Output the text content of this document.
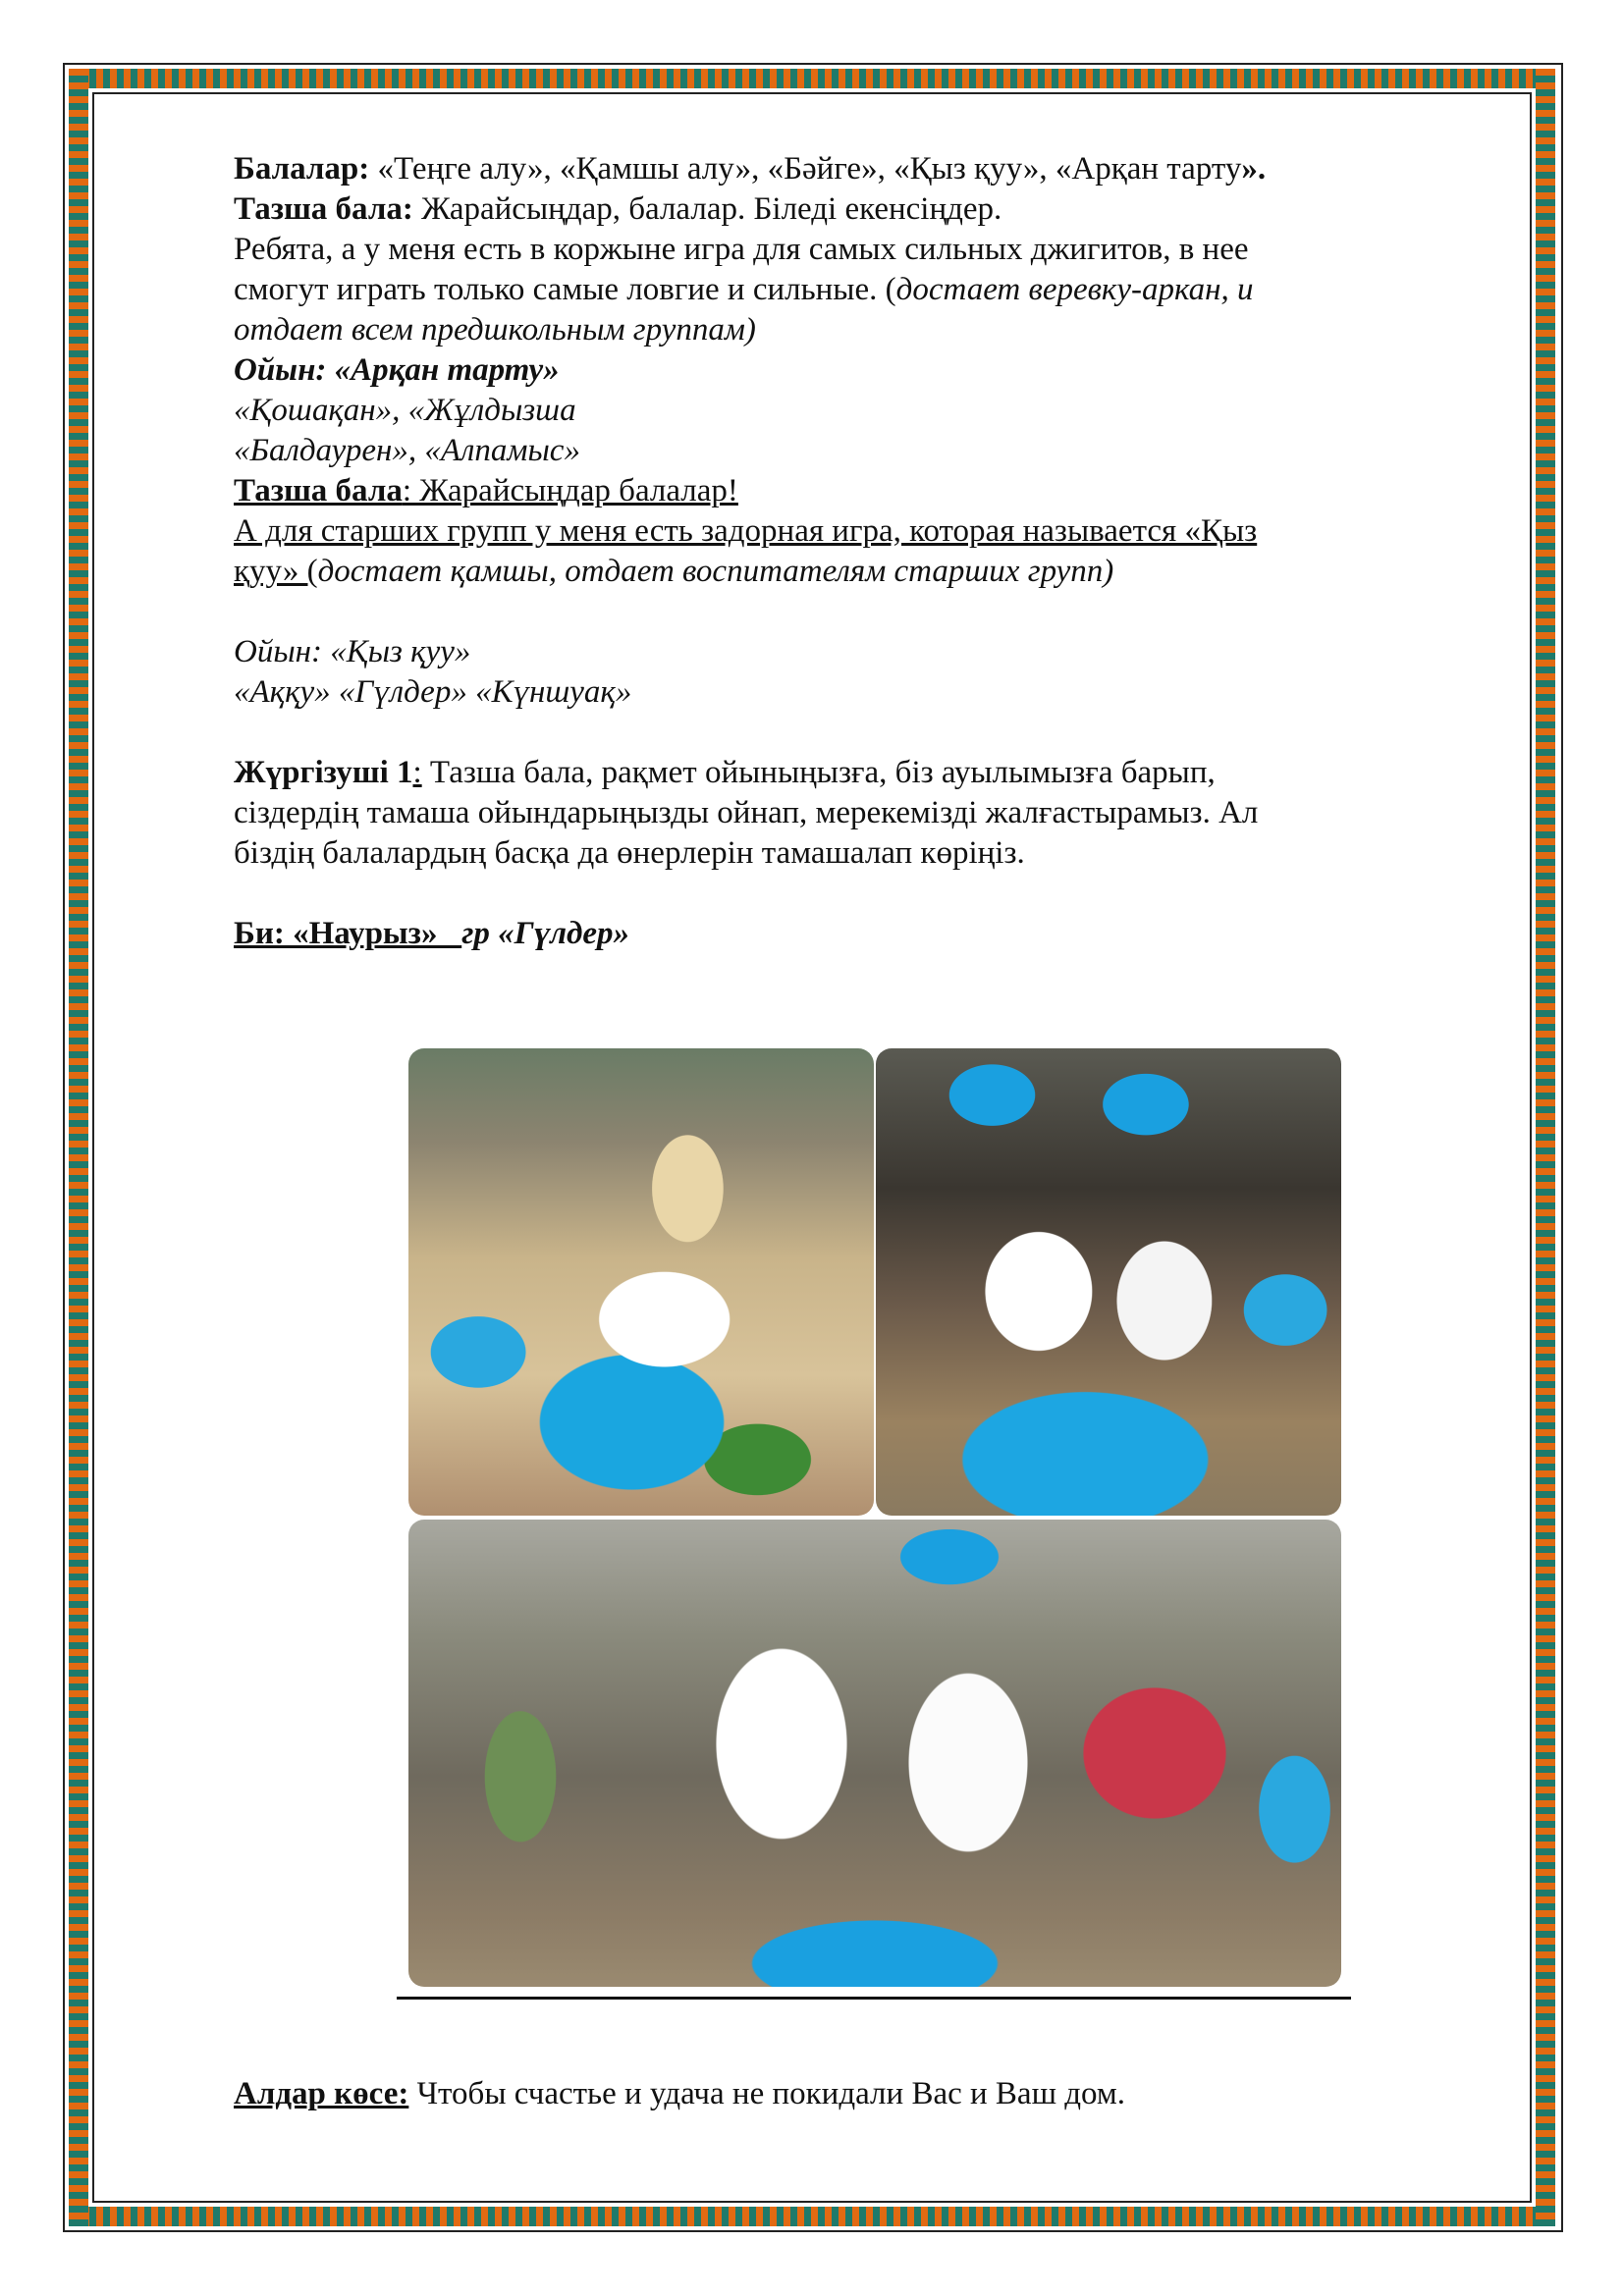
Балалар: «Теңге алу», «Қамшы алу», «Бәйге», «Қыз қуу», «Арқан тарту».

Тазша бала: Жарайсыңдар, балалар. Біледі екенсіңдер.

Ребята, а у меня есть в коржыне игра для самых сильных джигитов, в нее

смогут играть только самые ловгие и сильные. (достает веревку-аркан, и

отдает всем предшкольным группам)

Ойын: «Арқан тарту»

«Қошақан», «Жұлдызша

«Балдаурен», «Алпамыс»

Тазша бала: Жарайсыңдар балалар!

А для старших групп у меня есть задорная игра, которая называется «Қыз

қуу» (достает қамшы, отдает воспитателям старших групп)

Ойын: «Қыз қуу»

«Аққу» «Гүлдер» «Күншуақ»

Жүргізуші 1: Тазша бала, рақмет ойыныңызға, біз ауылымызға барып,

сіздердің тамаша ойындарыңызды ойнап, мерекемізді жалғастырамыз. Ал

біздің балалардың басқа да өнерлерін тамашалап көріңіз.

Би: «Наурыз»   гр «Гүлдер»

Алдар көсе: Чтобы счастье и удача не покидали Вас и Ваш дом.
